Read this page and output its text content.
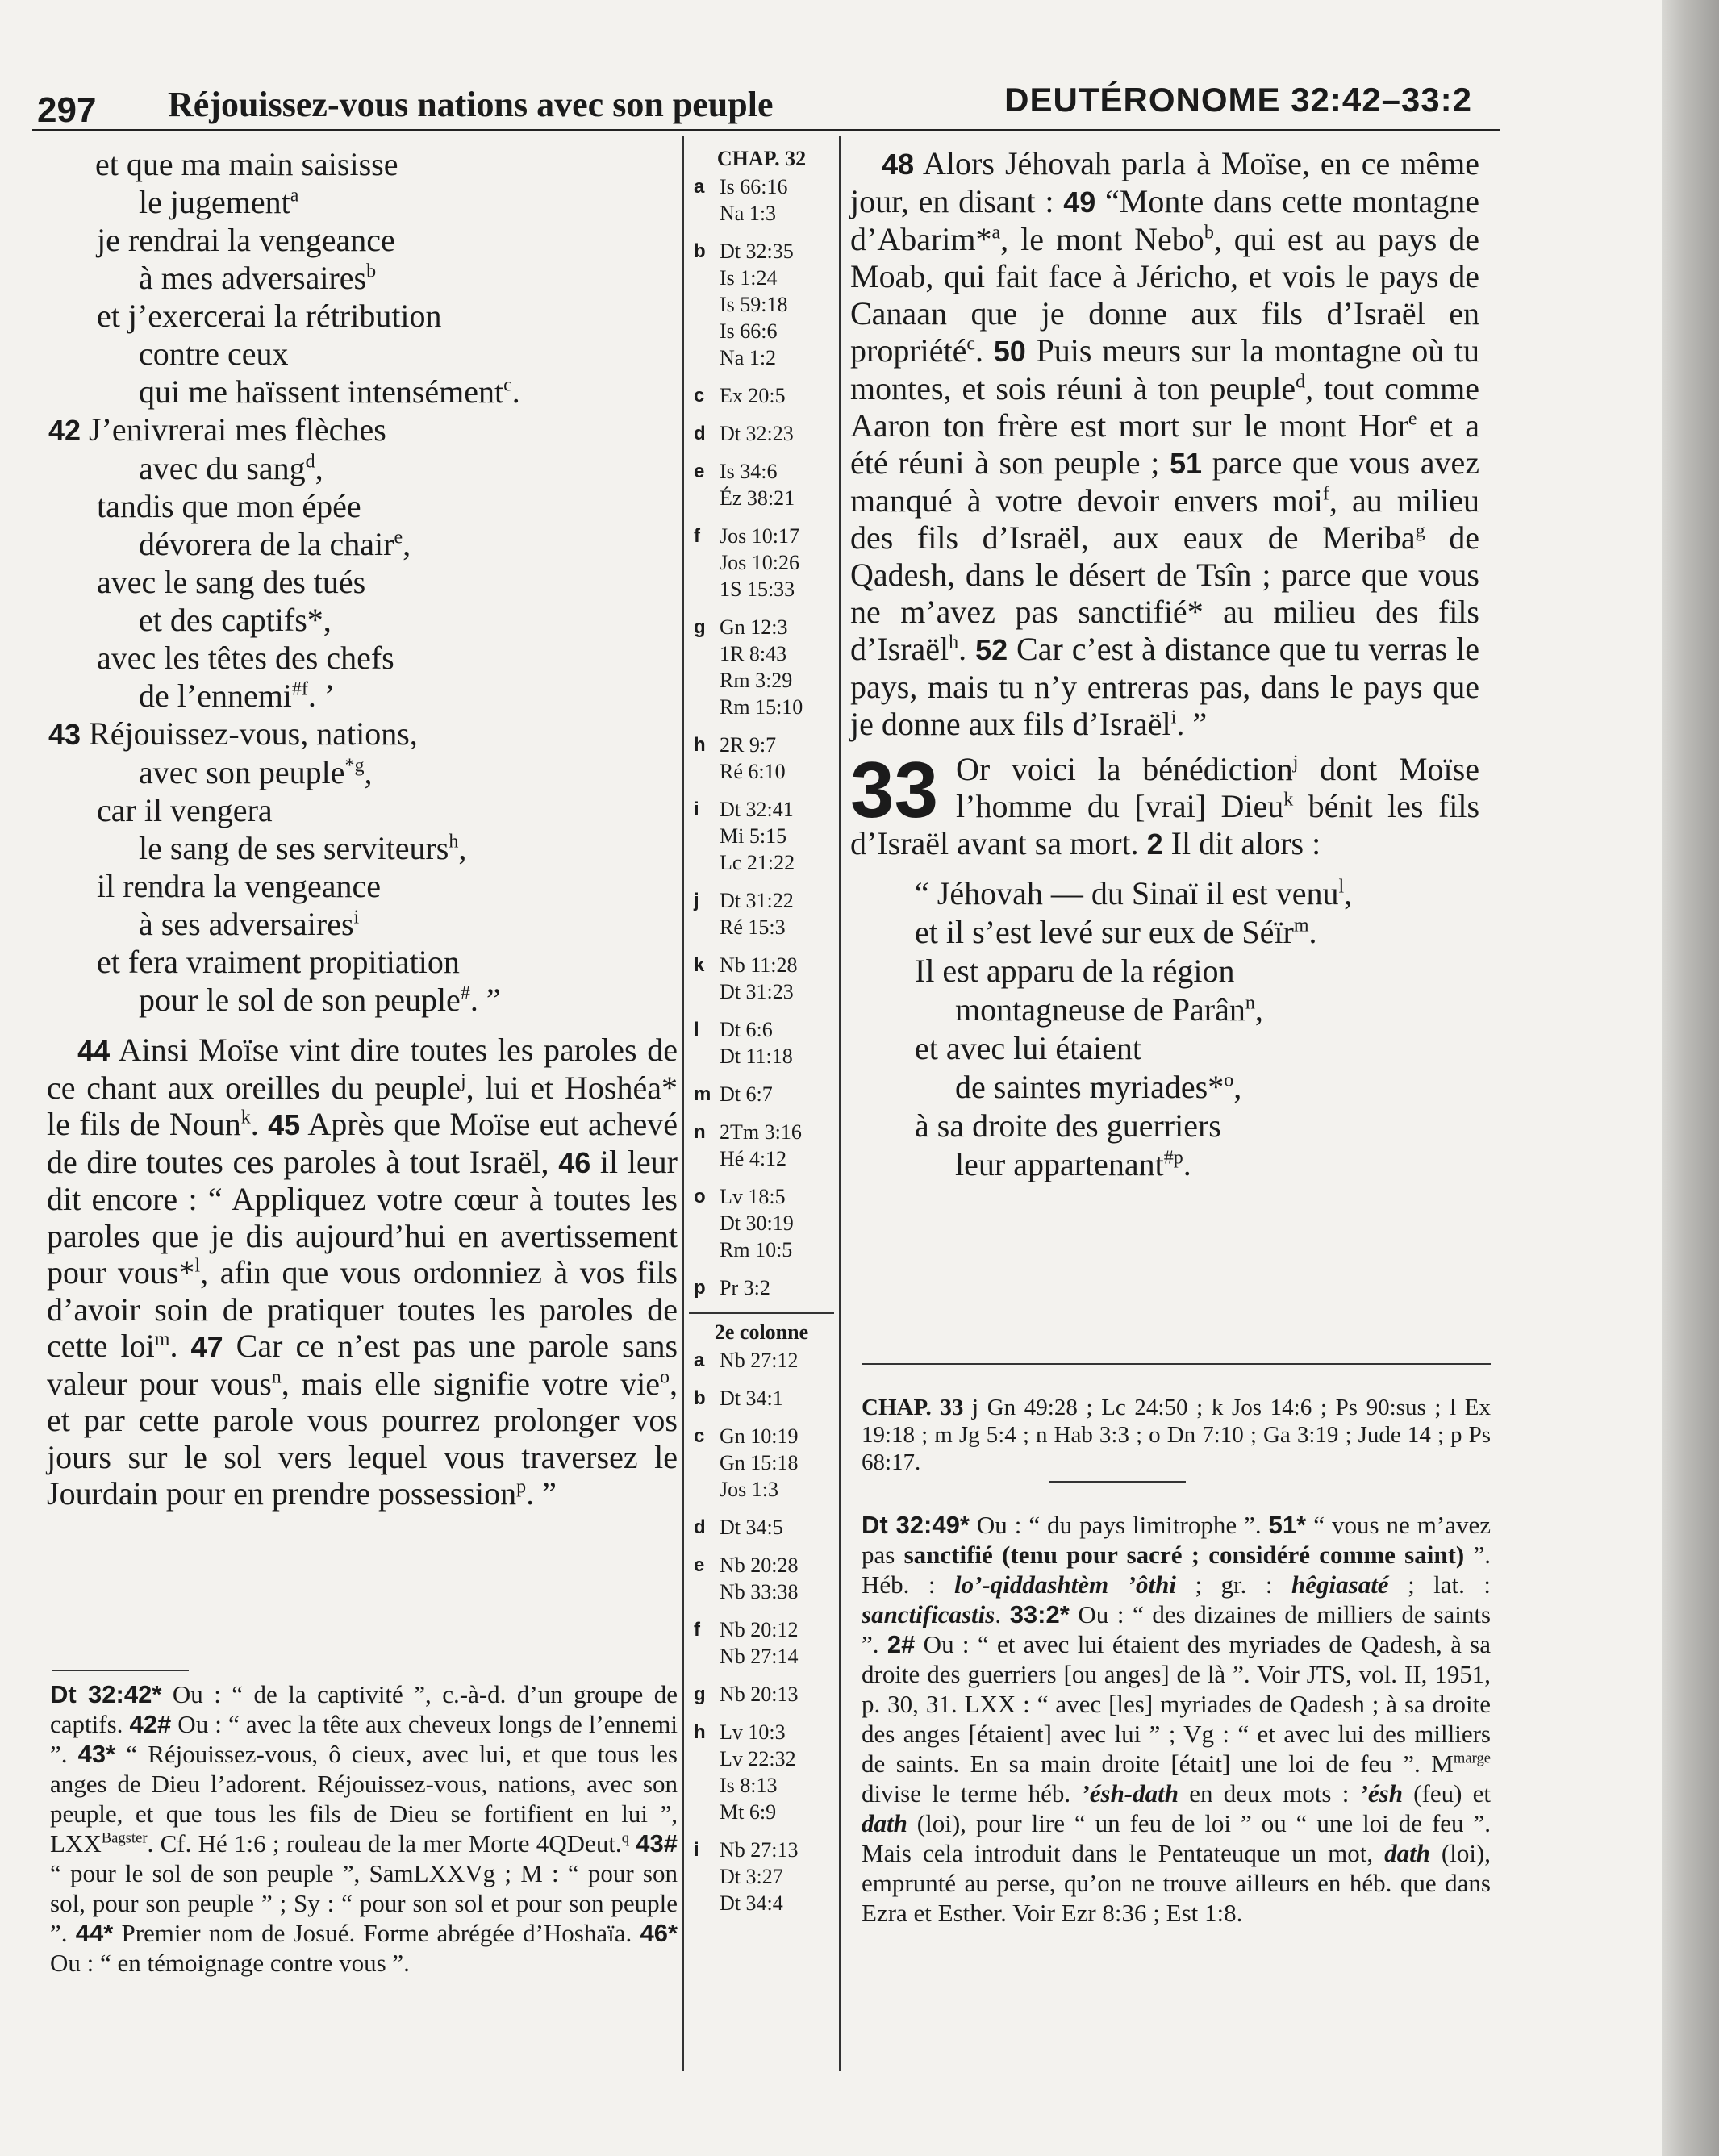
297 Réjouissez-vous nations avec son peuple	DEUTÉRONOME 32:42–33:2
et que ma main saisisse
le jugement$^a$
je rendrai la vengeance
à mes adversaires$^b$
et j’exercerai la rétribution
contre ceux
qui me haïssent intensément$^c$.
42 J’enivrerai mes flèches
avec du sang$^d$,
tandis que mon épée
dévorera de la chair$^e$,
avec le sang des tués
et des captifs*,
avec les têtes des chefs
de l’ennemi$^{\#f}$. ’
43 Réjouissez-vous, nations,
avec son peuple$^{*g}$,
car il vengera
le sang de ses serviteurs$^h$,
il rendra la vengeance
à ses adversaires$^i$
et fera vraiment propitiation
pour le sol de son peuple#. ”
44 Ainsi Moïse vint dire toutes les paroles de ce chant aux oreilles du peuple$^j$, lui et Hoshéa* le fils de Noun$^k$. 45 Après que Moïse eut achevé de dire toutes ces paroles à tout Israël, 46 il leur dit encore : “ Appliquez votre cœur à toutes les paroles que je dis aujourd’hui en avertissement pour vous*$^l$, afin que vous ordonniez à vos fils d’avoir soin de pratiquer toutes les paroles de cette loi$^m$. 47 Car ce n’est pas une parole sans valeur pour vous$^n$, mais elle signifie votre vie$^o$, et par cette parole vous pourrez prolonger vos jours sur le sol vers lequel vous traversez le Jourdain pour en prendre possession$^p$. ”
Dt 32:42* Ou : “ de la captivité ”, c.-à-d. d’un groupe de captifs. 42# Ou : “ avec la tête aux cheveux longs de l’ennemi ”. 43* “ Réjouissez-vous, ô cieux, avec lui, et que tous les anges de Dieu l’adorent. Réjouissez-vous, nations, avec son peuple, et que tous les fils de Dieu se fortifient en lui ”, $LXX^{Bagster}$. Cf. Hé 1:6 ; rouleau de la mer Morte 4QDeut.$^q$ 43# “ pour le sol de son peuple ”, SamLXXVg ; M : “ pour son sol, pour son peuple ” ; Sy : “ pour son sol et pour son peuple ”. 44* Premier nom de Josué. Forme abrégée d’Hoshaïa. 46* Ou : “ en témoignage contre vous ”.
CHAP. 32
a Is 66:16
Na 1:3
b Dt 32:35
Is 1:24
Is 59:18
Is 66:6
Na 1:2
c Ex 20:5
d Dt 32:23
e Is 34:6
Éz 38:21
f Jos 10:17
Jos 10:26
1S 15:33
g Gn 12:3
1R 8:43
Rm 3:29
Rm 15:10
h 2R 9:7
Ré 6:10
i Dt 32:41
Mi 5:15
Lc 21:22
j Dt 31:22
Ré 15:3
k Nb 11:28
Dt 31:23
l Dt 6:6
Dt 11:18
m Dt 6:7
n 2Tm 3:16
Hé 4:12
o Lv 18:5
Dt 30:19
Rm 10:5
p Pr 3:2
2e colonne
a Nb 27:12
b Dt 34:1
c Gn 10:19
Gn 15:18
Jos 1:3
d Dt 34:5
e Nb 20:28
Nb 33:38
f Nb 20:12
Nb 27:14
g Nb 20:13
h Lv 10:3
Lv 22:32
Is 8:13
Mt 6:9
i Nb 27:13
Dt 3:27
Dt 34:4
48 Alors Jéhovah parla à Moïse, en ce même jour, en disant : 49 “Monte dans cette montagne d’Abarim*$^a$, le mont Nebo$^b$, qui est au pays de Moab, qui fait face à Jéricho, et vois le pays de Canaan que je donne aux fils d’Israël en propriété$^c$. 50 Puis meurs sur la montagne où tu montes, et sois réuni à ton peuple$^d$, tout comme Aaron ton frère est mort sur le mont Hor$^e$ et a été réuni à son peuple ; 51 parce que vous avez manqué à votre devoir envers moi$^f$, au milieu des fils d’Israël, aux eaux de Meriba$^g$ de Qadesh, dans le désert de Tsîn ; parce que vous ne m’avez pas sanctifié* au milieu des fils d’Israël$^h$. 52 Car c’est à distance que tu verras le pays, mais tu n’y entreras pas, dans le pays que je donne aux fils d’Israël$^i$. ”
33 Or voici la bénédiction$^j$ dont Moïse l’homme du [vrai] Dieu$^k$ bénit les fils d’Israël avant sa mort. 2 Il dit alors :
“ Jéhovah — du Sinaï il est venu$^l$,
et il s’est levé sur eux de Séïr$^m$.
Il est apparu de la région
montagneuse de Parân$^n$,
et avec lui étaient
de saintes myriades*$^o$,
à sa droite des guerriers
leur appartenant$^{\#p}$.
CHAP. 33 j Gn 49:28 ; Lc 24:50 ; k Jos 14:6 ; Ps 90:sus ; l Ex 19:18 ; m Jg 5:4 ; n Hab 3:3 ; o Dn 7:10 ; Ga 3:19 ; Jude 14 ; p Ps 68:17.
Dt 32:49* Ou : “ du pays limitrophe ”. 51* “ vous ne m’avez pas sanctifié (tenu pour sacré ; considéré comme saint) ”. Héb. : lo’-qiddashtèm ’ôthi ; gr. : hêgiasaté ; lat. : sanctificastis. 33:2* Ou : “ des dizaines de milliers de saints ”. 2# Ou : “ et avec lui étaient des myriades de Qadesh, à sa droite des guerriers [ou anges] de là ”. Voir JTS, vol. II, 1951, p. 30, 31. LXX : “ avec [les] myriades de Qadesh ; à sa droite des anges [étaient] avec lui ” ; Vg : “ et avec lui des milliers de saints. En sa main droite [était] une loi de feu ”. $M^{marge}$ divise le terme héb. ’ésh-dath en deux mots : ’ésh (feu) et dath (loi), pour lire “ un feu de loi ” ou “ une loi de feu ”. Mais cela introduit dans le Pentateuque un mot, dath (loi), emprunté au perse, qu’on ne trouve ailleurs en héb. que dans Ezra et Esther. Voir Ezr 8:36 ; Est 1:8.
